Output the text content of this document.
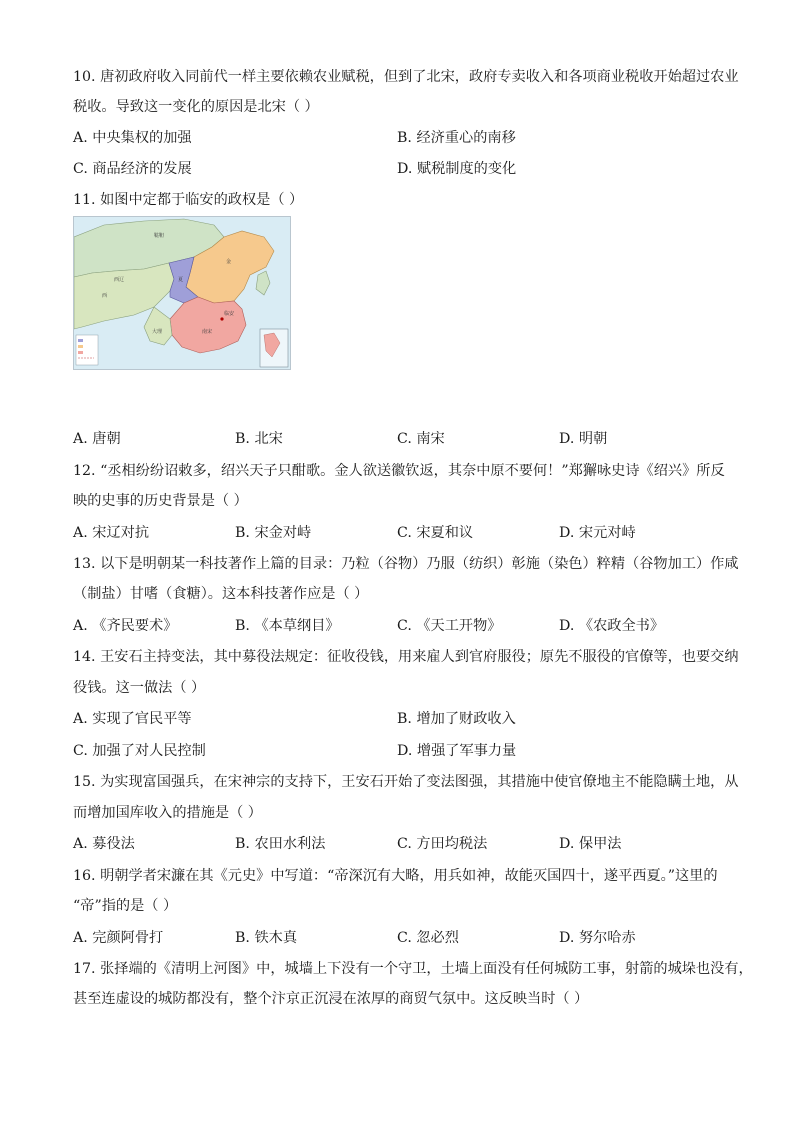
10. 唐初政府收入同前代一样主要依赖农业赋税，但到了北宋，政府专卖收入和各项商业税收开始超过农业
税收。导致这一变化的原因是北宋（ ）
A. 中央集权的加强	B. 经济重心的南移
C. 商品经济的发展	D. 赋税制度的变化
11. 如图中定都于临安的政权是（ ）
西
夏
金
临安
西辽
大理
鞑靼
南宋
A. 唐朝	B. 北宋	C. 南宋	D. 明朝
12. “丞相纷纷诏敕多，绍兴天子只酣歌。金人欲送徽钦返，其奈中原不要何！”郑獬咏史诗《绍兴》所反
映的史事的历史背景是（ ）
A. 宋辽对抗	B. 宋金对峙	C. 宋夏和议	D. 宋元对峙
13. 以下是明朝某一科技著作上篇的目录：乃粒（谷物）乃服（纺织）彰施（染色）粹精（谷物加工）作咸
（制盐）甘嗜（食糖）。这本科技著作应是（ ）
A. 《齐民要术》	B. 《本草纲目》	C. 《天工开物》	D. 《农政全书》
14. 王安石主持变法，其中募役法规定：征收役钱，用来雇人到官府服役；原先不服役的官僚等，也要交纳
役钱。这一做法（ ）
A. 实现了官民平等	B. 增加了财政收入
C. 加强了对人民控制	D. 增强了军事力量
15. 为实现富国强兵，在宋神宗的支持下，王安石开始了变法图强，其措施中使官僚地主不能隐瞒土地，从
而增加国库收入的措施是（ ）
A. 募役法	B. 农田水利法	C. 方田均税法	D. 保甲法
16. 明朝学者宋濂在其《元史》中写道：“帝深沉有大略，用兵如神，故能灭国四十，遂平西夏。”这里的
“帝”指的是（ ）
A. 完颜阿骨打	B. 铁木真	C. 忽必烈	D. 努尔哈赤
17. 张择端的《清明上河图》中，城墙上下没有一个守卫，土墙上面没有任何城防工事，射箭的城垛也没有，
甚至连虚设的城防都没有，整个汴京正沉浸在浓厚的商贸气氛中。这反映当时（ ）
